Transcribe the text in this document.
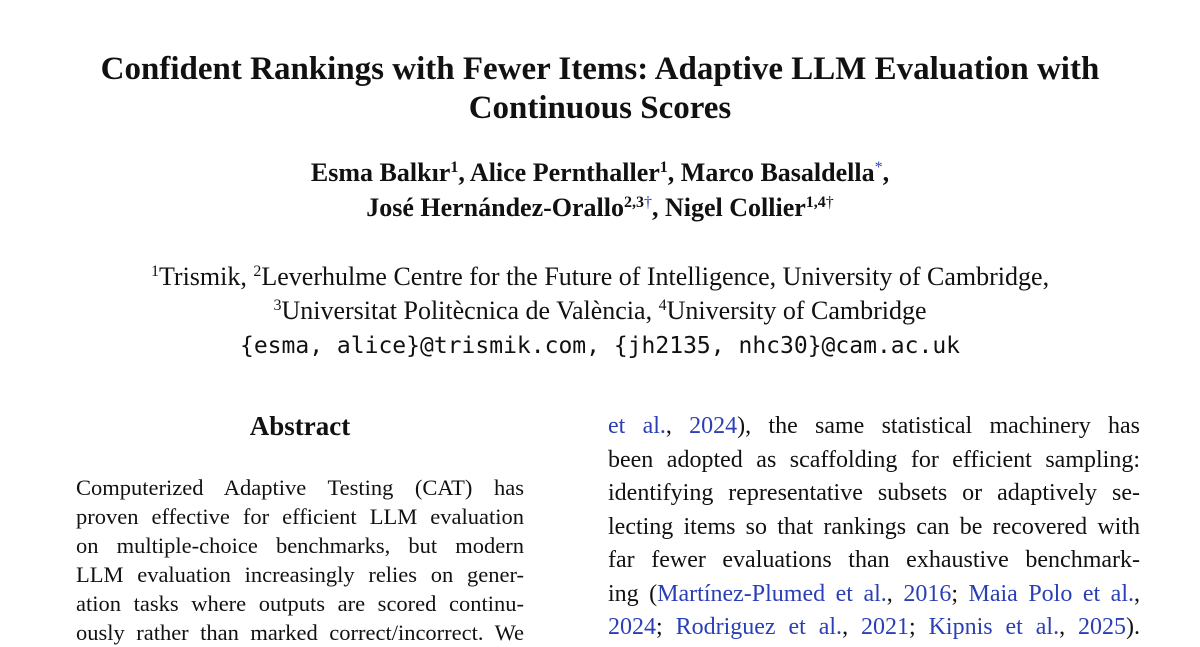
Confident Rankings with Fewer Items: Adaptive LLM Evaluation with
Continuous Scores
Esma Balkır$^1$, Alice Pernthaller$^1$, Marco Basaldella*,
José Hernández-Orallo$^{2,3\dagger}$, Nigel Collier$^{1,4\dagger}$
$^1$Trismik, $^2$Leverhulme Centre for the Future of Intelligence, University of Cambridge,
$^3$Universitat Politècnica de València, $^4$University of Cambridge
{esma, alice}@trismik.com, {jh2135, nhc30}@cam.ac.uk
Abstract
Computerized Adaptive Testing (CAT) has
proven effective for efficient LLM evaluation
on multiple-choice benchmarks, but modern
LLM evaluation increasingly relies on gener-
ation tasks where outputs are scored continu-
ously rather than marked correct/incorrect. We
et al., 2024), the same statistical machinery has
been adopted as scaffolding for efficient sampling:
identifying representative subsets or adaptively se-
lecting items so that rankings can be recovered with
far fewer evaluations than exhaustive benchmark-
ing (Martínez-Plumed et al., 2016; Maia Polo et al.,
2024; Rodriguez et al., 2021; Kipnis et al., 2025).
